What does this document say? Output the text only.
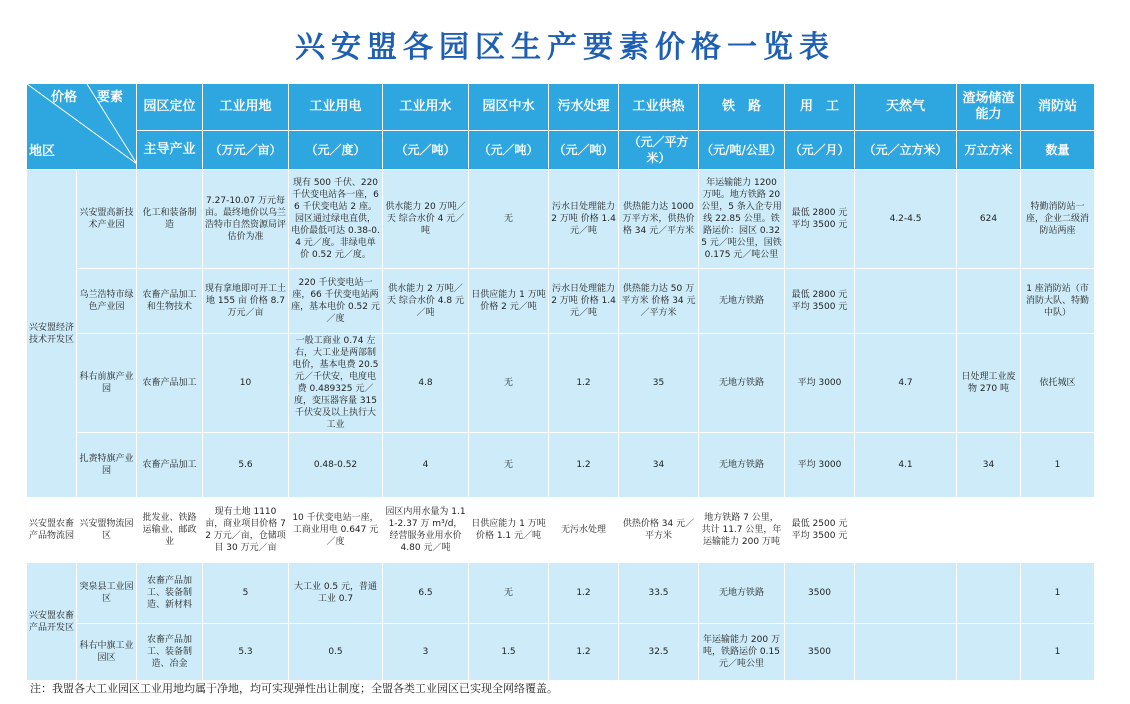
兴安盟各园区生产要素价格一览表
价格 要素
地区		园区定位	工业用地	工业用电	工业用水	园区中水	污水处理	工业供热	铁　路	用　工	天然气	渣场储渣能力	消防站
		主导产业	（万元／亩）	（元／度）	（元／吨）	（元／吨）	（元／吨）	（元／平方米）	（元/吨/公里）	（元／月）	（元／立方米）	万立方米	数量
兴安盟经济技术开发区	兴安盟高新技术产业园	化工和装备制造	7.27-10.07 万元每亩。最终地价以乌兰浩特市自然资源局评估价为准	现有 500 千伏、220 千伏变电站各一座，66 千伏变电站 2 座。园区通过绿电直供，电价最低可达 0.38-0.4 元／度。非绿电单价 0.52 元／度。	供水能力 20 万吨／天 综合水价 4 元／吨	无	污水日处理能力 2 万吨 价格 1.4 元／吨	供热能力达 1000 万平方米，供热价格 34 元／平方米	年运输能力 1200 万吨。地方铁路 20 公里，5 条入企专用线 22.85 公里。铁路运价：园区 0.325 元／吨公里，国铁 0.175 元／吨公里	最低 2800 元 平均 3500 元	4.2-4.5	624	特勤消防站一座，企业二级消防站两座
	乌兰浩特市绿色产业园	农畜产品加工和生物技术	现有拿地即可开工土地 155 亩 价格 8.7 万元／亩	220 千伏变电站一座，66 千伏变电站两座，基本电价 0.52 元／度	供水能力 2 万吨／天 综合水价 4.8 元／吨	日供应能力 1 万吨 价格 2 元／吨	污水日处理能力 2 万吨 价格 1.4 元／吨	供热能力达 50 万平方米 价格 34 元／平方米	无地方铁路	最低 2800 元 平均 3500 元			1 座消防站（市消防大队、特勤中队）
	科右前旗产业园	农畜产品加工	10	一般工商业 0.74 左右，大工业是两部制电价，基本电费 20.5 元／千伏安，电度电费 0.489325 元／度，变压器容量 315 千伏安及以上执行大工业	4.8	无	1.2	35	无地方铁路	平均 3000	4.7	日处理工业废物 270 吨	依托城区
	扎赉特旗产业园	农畜产品加工	5.6	0.48-0.52	4	无	1.2	34	无地方铁路	平均 3000	4.1	34	1
兴安盟农畜产品物流园	兴安盟物流园区	批发业、铁路运输业、邮政业	现有土地 1110 亩，商业项目价格 72 万元／亩，仓储项目 30 万元／亩	10 千伏变电站一座，工商业用电 0.647 元／度	园区内用水量为 1.11-2.37 万 m³/d，经营服务业用水价 4.80 元／吨	日供应能力 1 万吨 价格 1.1 元／吨	无污水处理	供热价格 34 元／平方米	地方铁路 7 公里，共计 11.7 公里，年运输能力 200 万吨	最低 2500 元 平均 3500 元			
兴安盟农畜产品开发区	突泉县工业园区	农畜产品加工、装备制造、新材料	5	大工业 0.5 元，普通工业 0.7	6.5	无	1.2	33.5	无地方铁路	3500			1
	科右中旗工业园区	农畜产品加工、装备制造、冶金	5.3	0.5	3	1.5	1.2	32.5	年运输能力 200 万吨，铁路运价 0.15 元／吨公里	3500			1
注：我盟各大工业园区工业用地均属于净地，均可实现弹性出让制度；全盟各类工业园区已实现全网络覆盖。
